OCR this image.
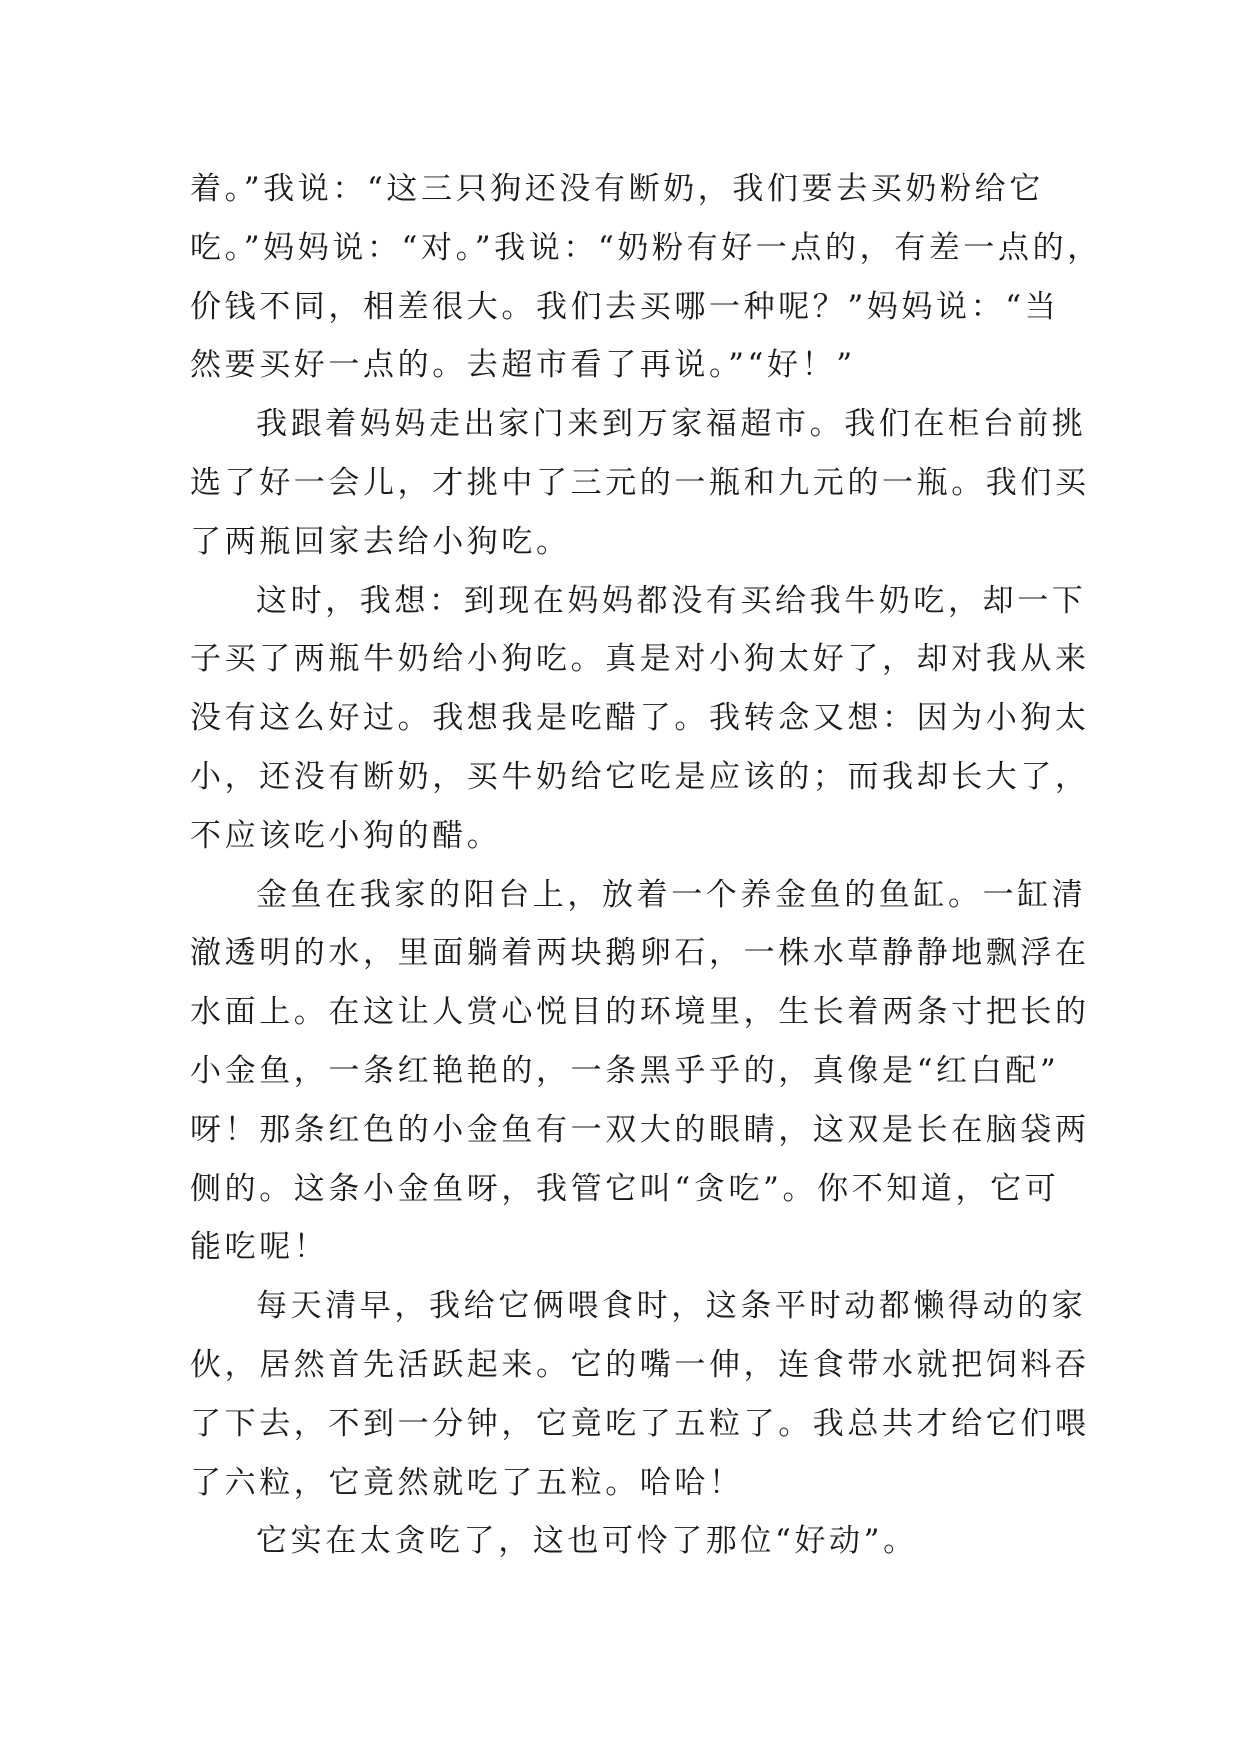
着。”我说：“这三只狗还没有断奶，我们要去买奶粉给它
吃。”妈妈说：“对。”我说：“奶粉有好一点的，有差一点的，
价钱不同，相差很大。我们去买哪一种呢？”妈妈说：“当
然要买好一点的。去超市看了再说。”“好！”
我跟着妈妈走出家门来到万家福超市。我们在柜台前挑
选了好一会儿，才挑中了三元的一瓶和九元的一瓶。我们买
了两瓶回家去给小狗吃。
这时，我想：到现在妈妈都没有买给我牛奶吃，却一下
子买了两瓶牛奶给小狗吃。真是对小狗太好了，却对我从来
没有这么好过。我想我是吃醋了。我转念又想：因为小狗太
小，还没有断奶，买牛奶给它吃是应该的；而我却长大了，
不应该吃小狗的醋。
金鱼在我家的阳台上，放着一个养金鱼的鱼缸。一缸清
澈透明的水，里面躺着两块鹅卵石，一株水草静静地飘浮在
水面上。在这让人赏心悦目的环境里，生长着两条寸把长的
小金鱼，一条红艳艳的，一条黑乎乎的，真像是“红白配”
呀！那条红色的小金鱼有一双大的眼睛，这双是长在脑袋两
侧的。这条小金鱼呀，我管它叫“贪吃”。你不知道，它可
能吃呢！
每天清早，我给它俩喂食时，这条平时动都懒得动的家
伙，居然首先活跃起来。它的嘴一伸，连食带水就把饲料吞
了下去，不到一分钟，它竟吃了五粒了。我总共才给它们喂
了六粒，它竟然就吃了五粒。哈哈！
它实在太贪吃了，这也可怜了那位“好动”。
